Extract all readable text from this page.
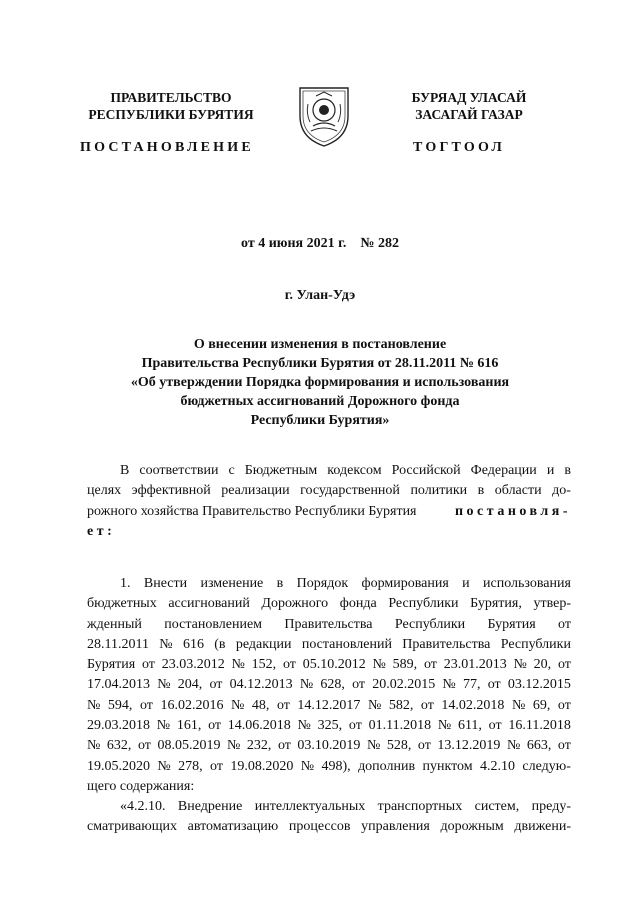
ПРАВИТЕЛЬСТВО
РЕСПУБЛИКИ БУРЯТИЯ
БУРЯАД УЛАСАЙ
ЗАСАГАЙ ГАЗАР
ПОСТАНОВЛЕНИЕ	ТОГТООЛ
от 4 июня 2021 г.    № 282
г. Улан-Удэ
О внесении изменения в постановление
Правительства Республики Бурятия от 28.11.2011 № 616
«Об утверждении Порядка формирования и использования
бюджетных ассигнований Дорожного фонда
Республики Бурятия»
В соответствии с Бюджетным кодексом Российской Федерации и в
целях эффективной реализации государственной политики в области до-
рожного хозяйства Правительство Республики Бурятия	постановля-
ет:
1. Внести изменение в Порядок формирования и использования
бюджетных ассигнований Дорожного фонда Республики Бурятия, утвер-
жденный постановлением Правительства Республики Бурятия от
28.11.2011 № 616 (в редакции постановлений Правительства Республики
Бурятия от 23.03.2012 № 152, от 05.10.2012 № 589, от 23.01.2013 № 20, от
17.04.2013 № 204, от 04.12.2013 № 628, от 20.02.2015 № 77, от 03.12.2015
№ 594, от 16.02.2016 № 48, от 14.12.2017 № 582, от 14.02.2018 № 69, от
29.03.2018 № 161, от 14.06.2018 № 325, от 01.11.2018 № 611, от 16.11.2018
№ 632, от 08.05.2019 № 232, от 03.10.2019 № 528, от 13.12.2019 № 663, от
19.05.2020 № 278, от 19.08.2020 № 498), дополнив пунктом 4.2.10 следую-
щего содержания:
«4.2.10. Внедрение интеллектуальных транспортных систем, преду-
сматривающих автоматизацию процессов управления дорожным движени-
